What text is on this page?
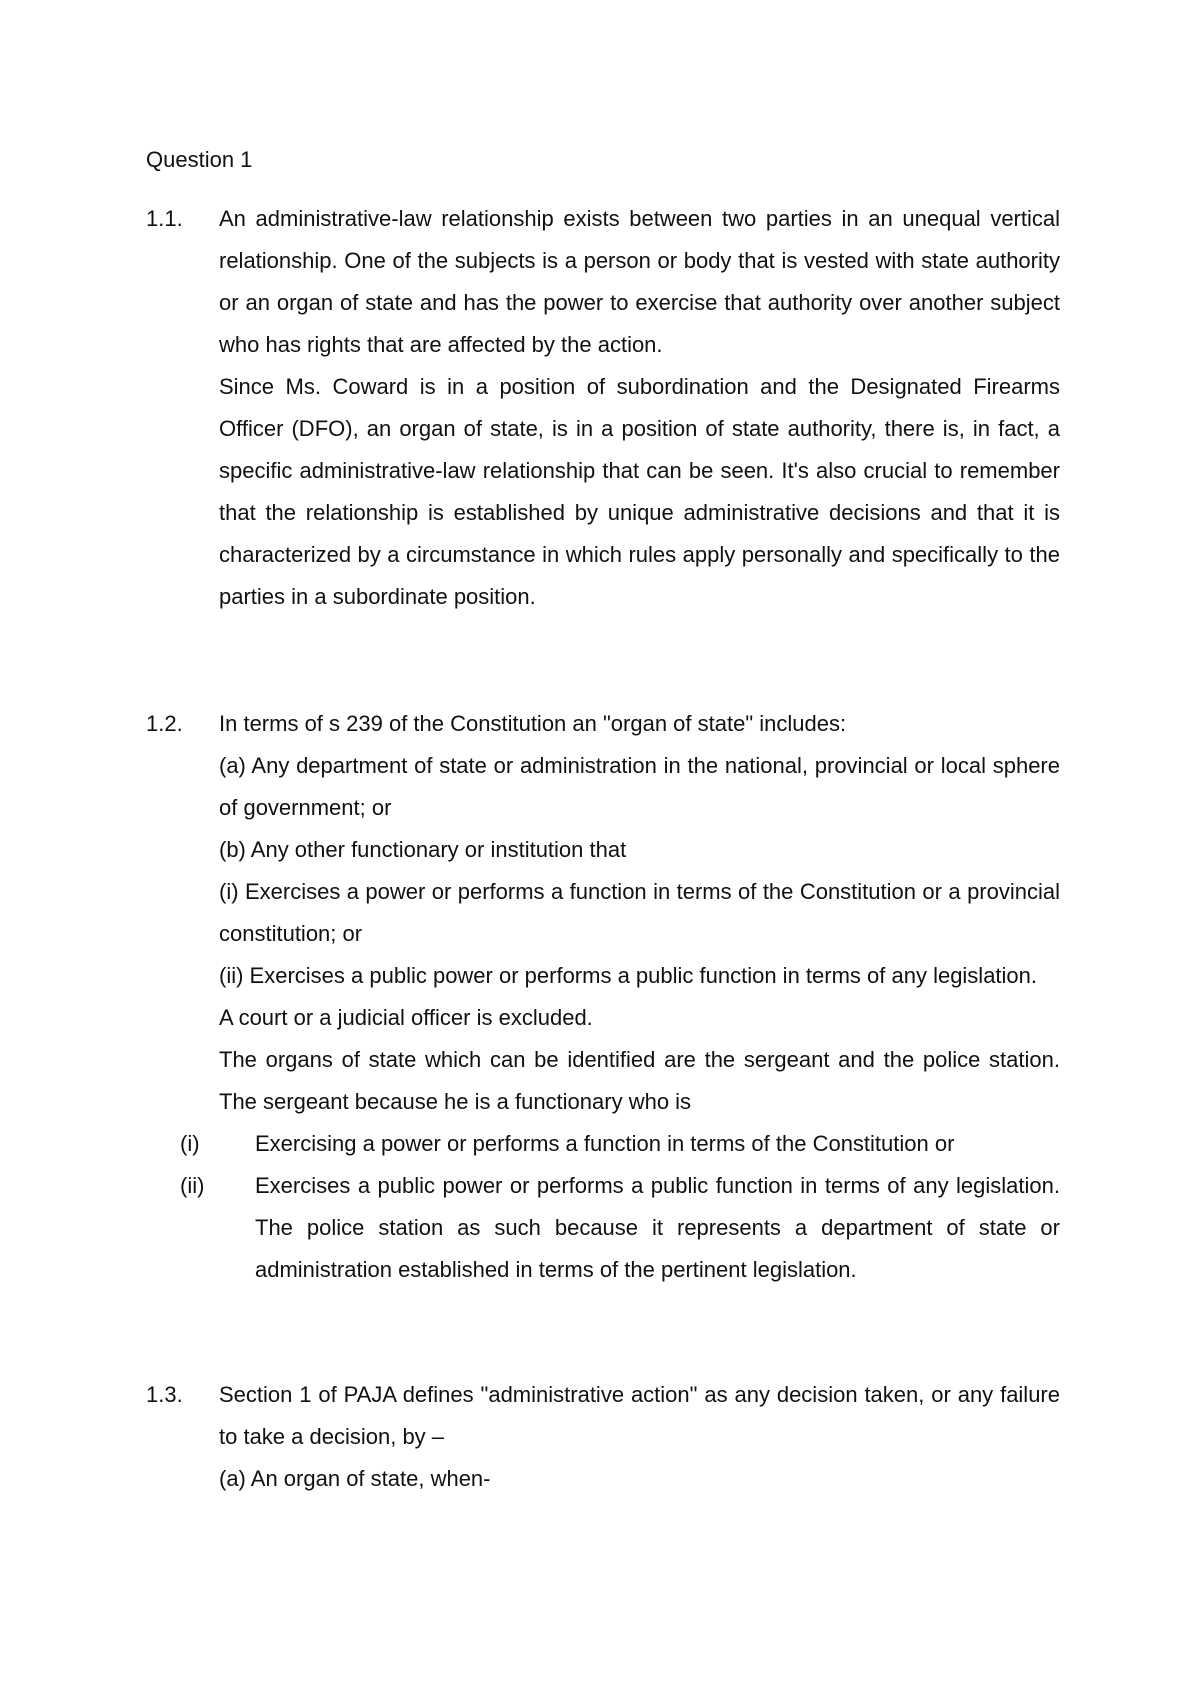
Question 1
1.1. An administrative-law relationship exists between two parties in an unequal vertical relationship. One of the subjects is a person or body that is vested with state authority or an organ of state and has the power to exercise that authority over another subject who has rights that are affected by the action.

Since Ms. Coward is in a position of subordination and the Designated Firearms Officer (DFO), an organ of state, is in a position of state authority, there is, in fact, a specific administrative-law relationship that can be seen. It's also crucial to remember that the relationship is established by unique administrative decisions and that it is characterized by a circumstance in which rules apply personally and specifically to the parties in a subordinate position.

1.2. In terms of s 239 of the Constitution an "organ of state" includes:

(a) Any department of state or administration in the national, provincial or local sphere of government; or

(b) Any other functionary or institution that

(i) Exercises a power or performs a function in terms of the Constitution or a provincial constitution; or

(ii) Exercises a public power or performs a public function in terms of any legislation.

A court or a judicial officer is excluded.

The organs of state which can be identified are the sergeant and the police station. The sergeant because he is a functionary who is

(i)	Exercising a power or performs a function in terms of the Constitution or

(ii) Exercises a public power or performs a public function in terms of any legislation. The police station as such because it represents a department of state or administration established in terms of the pertinent legislation.

1.3. Section 1 of PAJA defines "administrative action" as any decision taken, or any failure to take a decision, by –

(a) An organ of state, when-
